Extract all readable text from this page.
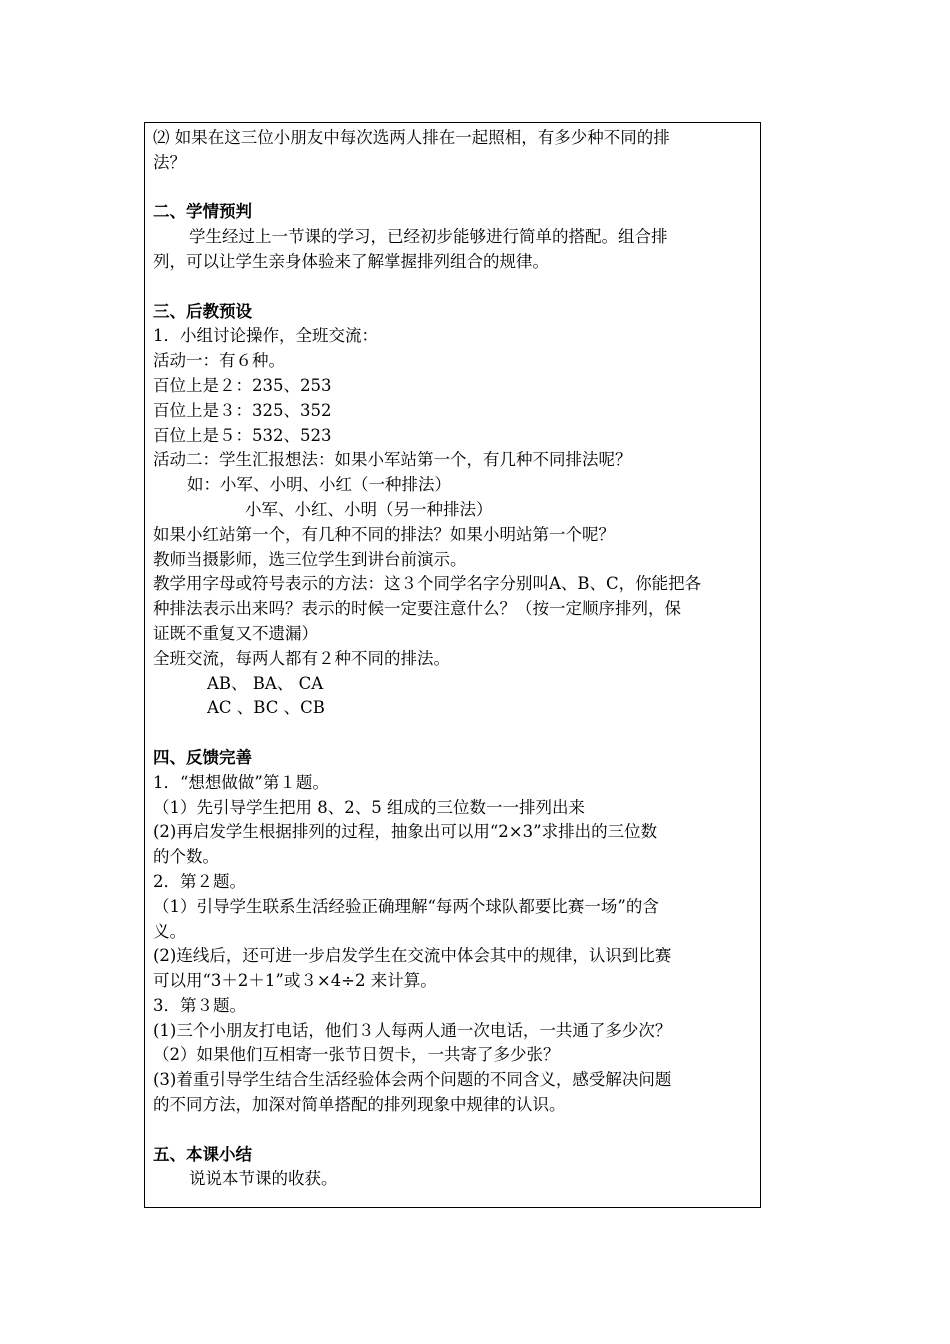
⑵ 如果在这三位小朋友中每次选两人排在一起照相，有多少种不同的排
法？
二、学情预判
学生经过上一节课的学习，已经初步能够进行简单的搭配。组合排
列，可以让学生亲身体验来了解掌握排列组合的规律。
三、后教预设
1．小组讨论操作，全班交流：
活动一：有６种。
百位上是２：235、253
百位上是３：325、352
百位上是５：532、523
活动二：学生汇报想法：如果小军站第一个，有几种不同排法呢？
如：小军、小明、小红（一种排法）
小军、小红、小明（另一种排法）
如果小红站第一个，有几种不同的排法？如果小明站第一个呢？
教师当摄影师，选三位学生到讲台前演示。
教学用字母或符号表示的方法：这３个同学名字分别叫A、B、C，你能把各
种排法表示出来吗？表示的时候一定要注意什么？（按一定顺序排列，保
证既不重复又不遗漏）
全班交流，每两人都有２种不同的排法。
AB、 BA、 CA
AC 、BC 、CB
四、反馈完善
1．“想想做做”第１题。
（1）先引导学生把用 8、2、5 组成的三位数一一排列出来
(2)再启发学生根据排列的过程，抽象出可以用“2×3”求排出的三位数
的个数。
2．第２题。
（1）引导学生联系生活经验正确理解“每两个球队都要比赛一场”的含
义。
(2)连线后，还可进一步启发学生在交流中体会其中的规律，认识到比赛
可以用“3＋2＋1”或３×4÷2 来计算。
3．第３题。
(1)三个小朋友打电话，他们３人每两人通一次电话，一共通了多少次？
（2）如果他们互相寄一张节日贺卡，一共寄了多少张？
(3)着重引导学生结合生活经验体会两个问题的不同含义，感受解决问题
的不同方法，加深对简单搭配的排列现象中规律的认识。
五、本课小结
说说本节课的收获。
